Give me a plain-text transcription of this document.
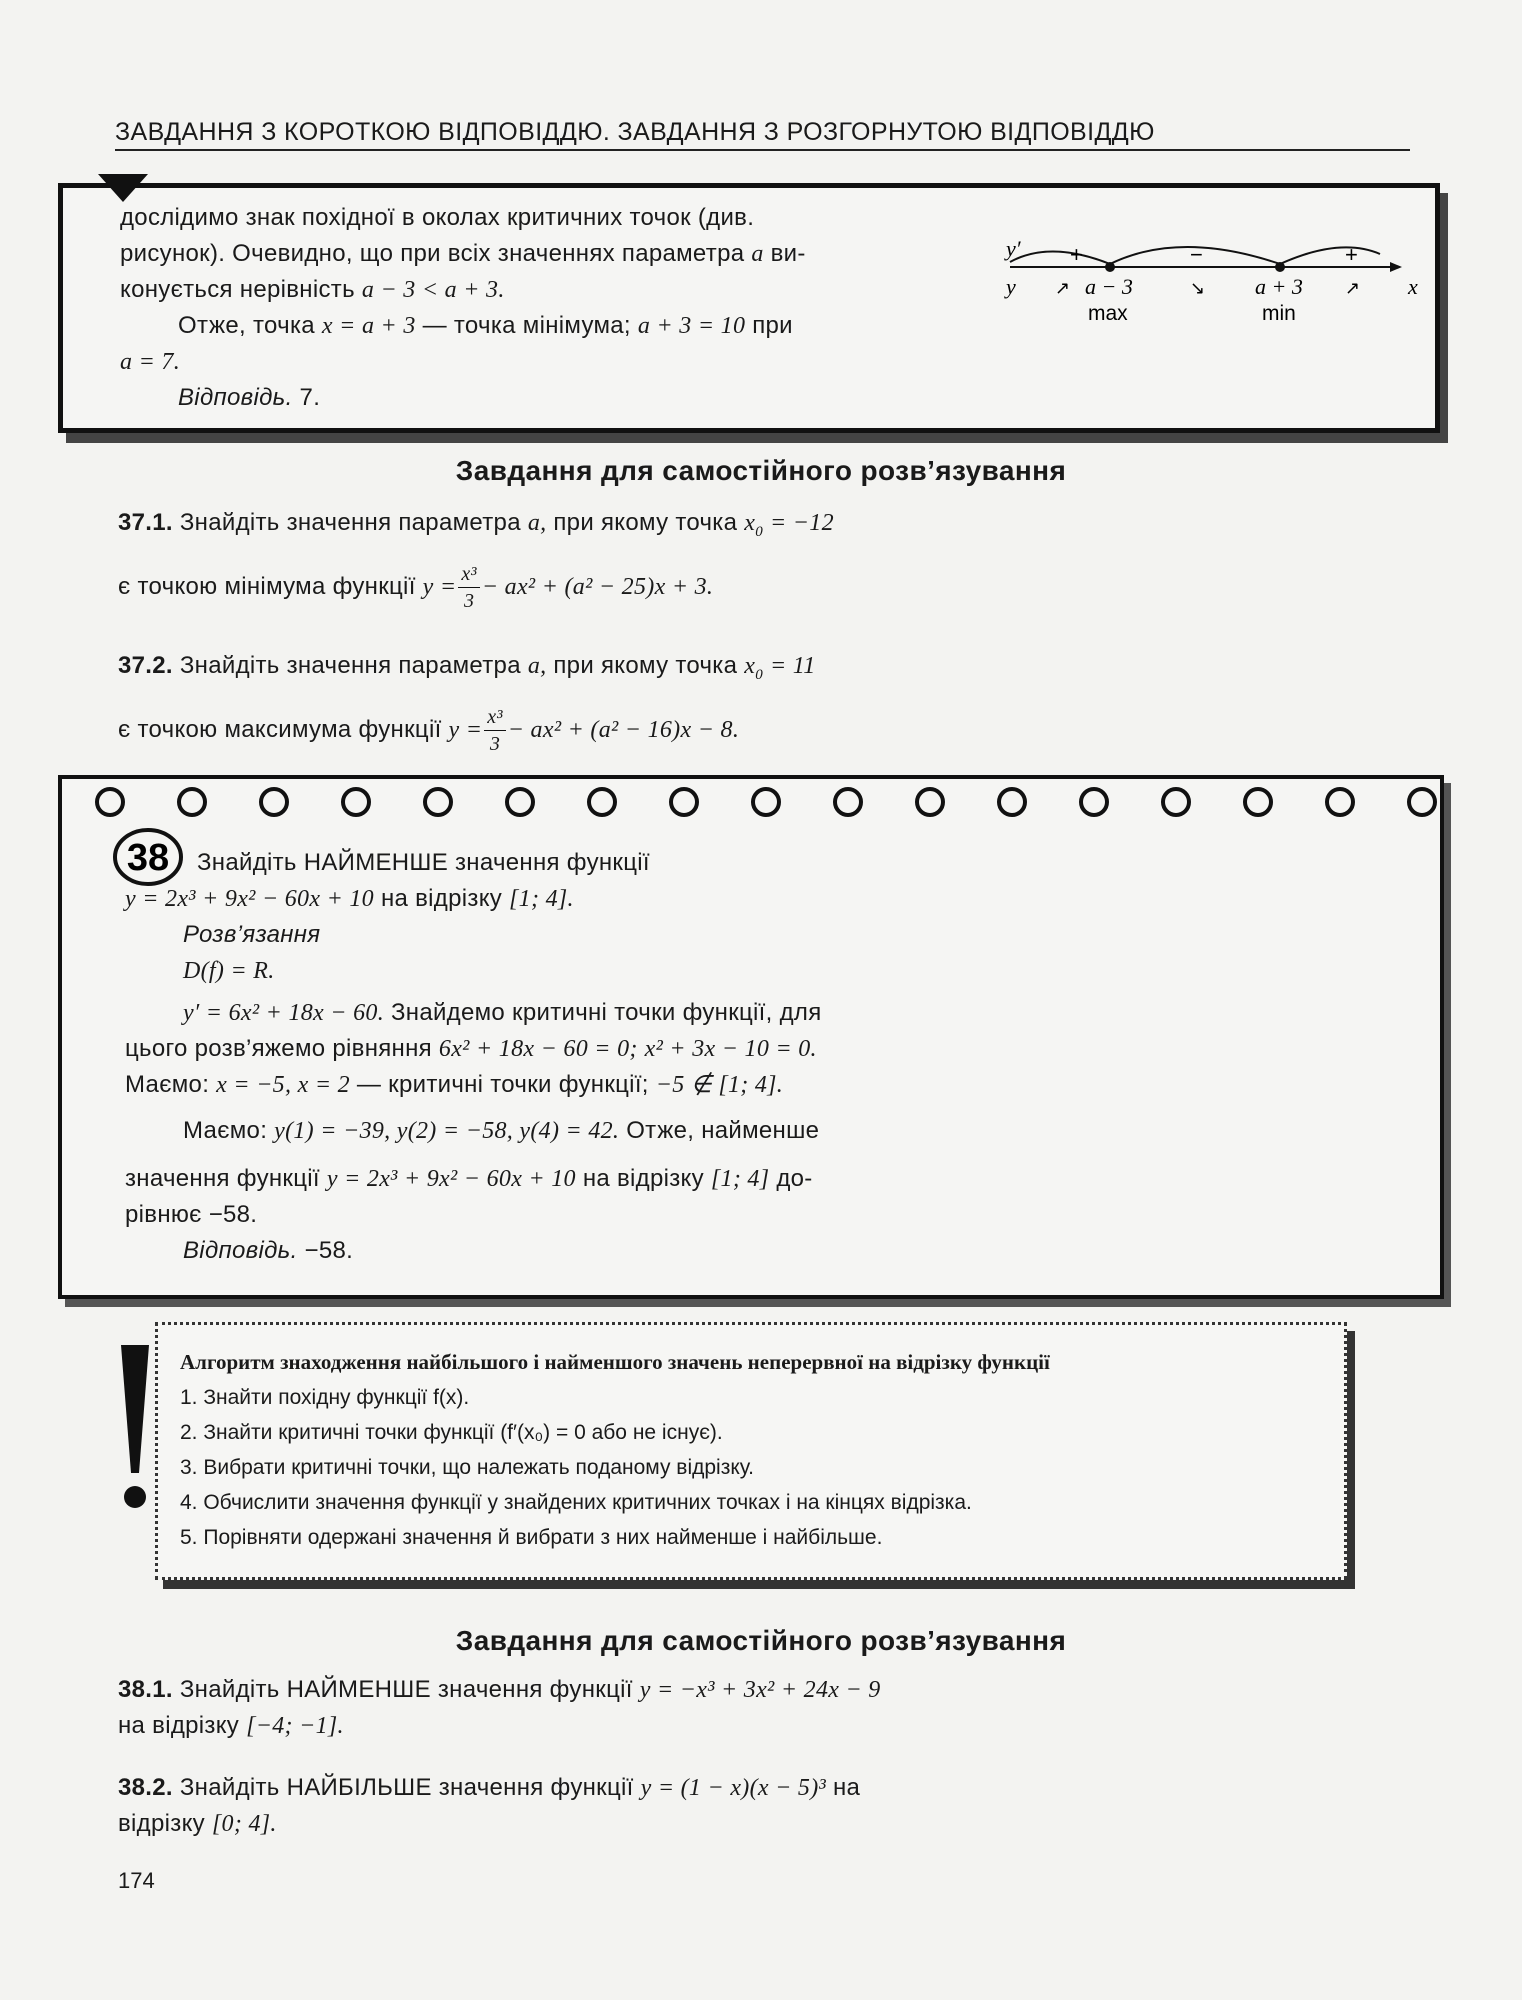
ЗАВДАННЯ З КОРОТКОЮ ВІДПОВІДДЮ. ЗАВДАННЯ З РОЗГОРНУТОЮ ВІДПОВІДДЮ
дослідимо знак похідної в околах критичних точок (див.
рисунок). Очевидно, що при всіх значеннях параметра a ви-
конується нерівність a − 3 < a + 3.
Отже, точка x = a + 3 — точка мінімума; a + 3 = 10 при
a = 7.
Відповідь. 7.
y′
y	x
+	−	+
↗	↘	↗
a − 3	a + 3
max	min
Завдання для самостійного розв’язування
37.1. Знайдіть значення параметра a, при якому точка $x_0 = -12$
є точкою мінімума функції $y = \frac{\text{x³}}{3} - ax^2 + (a^2 - 25)x + 3$.
37.2. Знайдіть значення параметра a, при якому точка $x_0 = 11$
є точкою максимума функції $y = \frac{\text{x³}}{3} - ax^2 + (a^2 - 16)x - 8$.
38	Знайдіть НАЙМЕНШЕ значення функції
y = 2x³ + 9x² − 60x + 10 на відрізку [1; 4].
Розв’язання
D(f) = R.
y′ = 6x² + 18x − 60. Знайдемо критичні точки функції, для
цього розв’яжемо рівняння 6x² + 18x − 60 = 0; x² + 3x − 10 = 0.
Маємо: x = −5, x = 2 — критичні точки функції; −5 ∉ [1; 4].
Маємо: y(1) = −39, y(2) = −58, y(4) = 42. Отже, найменше
значення функції y = 2x³ + 9x² − 60x + 10 на відрізку [1; 4] до-
рівнює −58.
Відповідь. −58.
Алгоритм знаходження найбільшого і найменшого значень неперервної на відрізку функції
1. Знайти похідну функції f(x).
2. Знайти критичні точки функції (f′(x₀) = 0 або не існує).
3. Вибрати критичні точки, що належать поданому відрізку.
4. Обчислити значення функції у знайдених критичних точках і на кінцях відрізка.
5. Порівняти одержані значення й вибрати з них найменше і найбільше.
Завдання для самостійного розв’язування
38.1. Знайдіть НАЙМЕНШЕ значення функції y = −x³ + 3x² + 24x − 9
на відрізку [−4; −1].
38.2. Знайдіть НАЙБІЛЬШЕ значення функції y = (1 − x)(x − 5)³ на
відрізку [0; 4].
174
